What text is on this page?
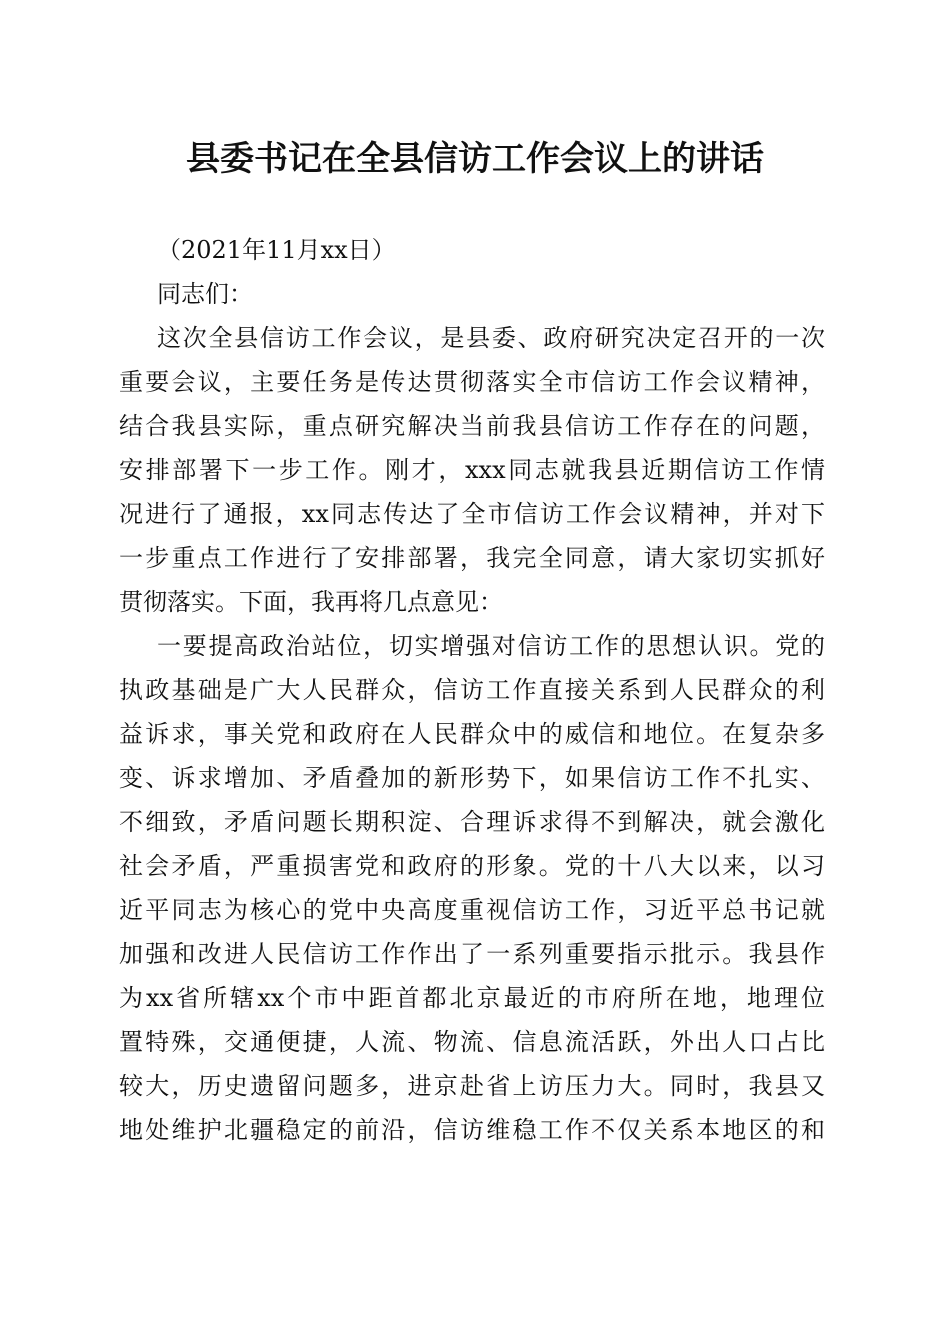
县委书记在全县信访工作会议上的讲话

（2021年11月xx日）

同志们：

这次全县信访工作会议，是县委、政府研究决定召开的一次

重要会议，主要任务是传达贯彻落实全市信访工作会议精神，

结合我县实际，重点研究解决当前我县信访工作存在的问题，

安排部署下一步工作。刚才，xxx同志就我县近期信访工作情

况进行了通报，xx同志传达了全市信访工作会议精神，并对下

一步重点工作进行了安排部署，我完全同意，请大家切实抓好

贯彻落实。下面，我再将几点意见：

一要提高政治站位，切实增强对信访工作的思想认识。党的

执政基础是广大人民群众，信访工作直接关系到人民群众的利

益诉求，事关党和政府在人民群众中的威信和地位。在复杂多

变、诉求增加、矛盾叠加的新形势下，如果信访工作不扎实、

不细致，矛盾问题长期积淀、合理诉求得不到解决，就会激化

社会矛盾，严重损害党和政府的形象。党的十八大以来，以习

近平同志为核心的党中央高度重视信访工作，习近平总书记就

加强和改进人民信访工作作出了一系列重要指示批示。我县作

为xx省所辖xx个市中距首都北京最近的市府所在地，地理位

置特殊，交通便捷，人流、物流、信息流活跃，外出人口占比

较大，历史遗留问题多，进京赴省上访压力大。同时，我县又

地处维护北疆稳定的前沿，信访维稳工作不仅关系本地区的和
